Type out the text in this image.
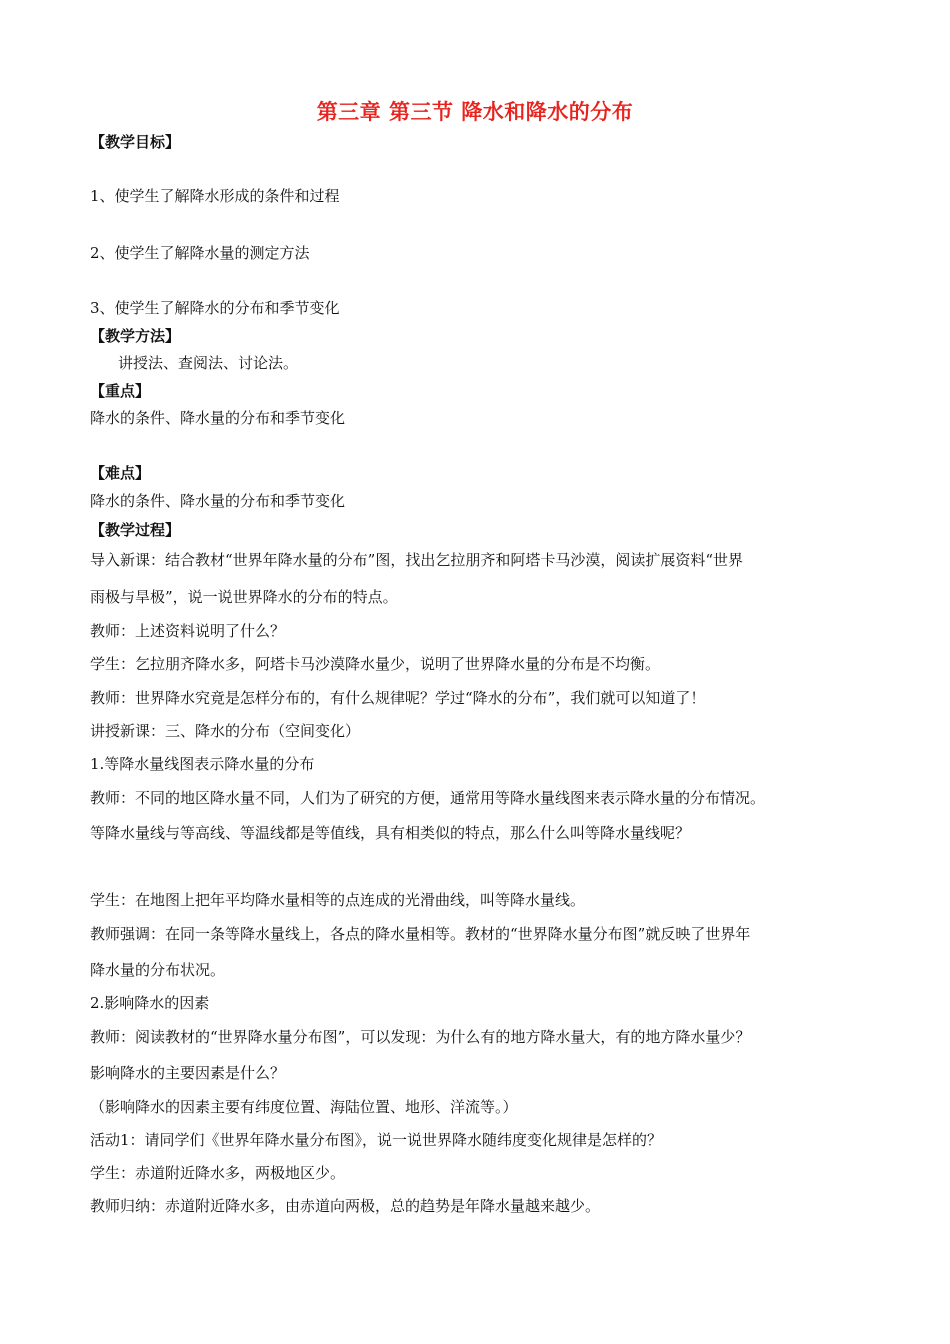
第三章 第三节 降水和降水的分布
【教学目标】
1、使学生了解降水形成的条件和过程
2、使学生了解降水量的测定方法
3、使学生了解降水的分布和季节变化
【教学方法】
讲授法、查阅法、讨论法。
【重点】
降水的条件、降水量的分布和季节变化
【难点】
降水的条件、降水量的分布和季节变化
【教学过程】
导入新课：结合教材“世界年降水量的分布”图，找出乞拉朋齐和阿塔卡马沙漠，阅读扩展资料“世界
雨极与旱极”，说一说世界降水的分布的特点。
教师：上述资料说明了什么？
学生：乞拉朋齐降水多，阿塔卡马沙漠降水量少，说明了世界降水量的分布是不均衡。
教师：世界降水究竟是怎样分布的，有什么规律呢？学过“降水的分布”，我们就可以知道了！
讲授新课：三、降水的分布（空间变化）
1.等降水量线图表示降水量的分布
教师：不同的地区降水量不同，人们为了研究的方便，通常用等降水量线图来表示降水量的分布情况。
等降水量线与等高线、等温线都是等值线，具有相类似的特点，那么什么叫等降水量线呢？
学生：在地图上把年平均降水量相等的点连成的光滑曲线，叫等降水量线。
教师强调：在同一条等降水量线上，各点的降水量相等。教材的“世界降水量分布图”就反映了世界年
降水量的分布状况。
2.影响降水的因素
教师：阅读教材的“世界降水量分布图”，可以发现：为什么有的地方降水量大，有的地方降水量少？
影响降水的主要因素是什么？
（影响降水的因素主要有纬度位置、海陆位置、地形、洋流等。）
活动1：请同学们《世界年降水量分布图》，说一说世界降水随纬度变化规律是怎样的？
学生：赤道附近降水多，两极地区少。
教师归纳：赤道附近降水多，由赤道向两极，总的趋势是年降水量越来越少。
